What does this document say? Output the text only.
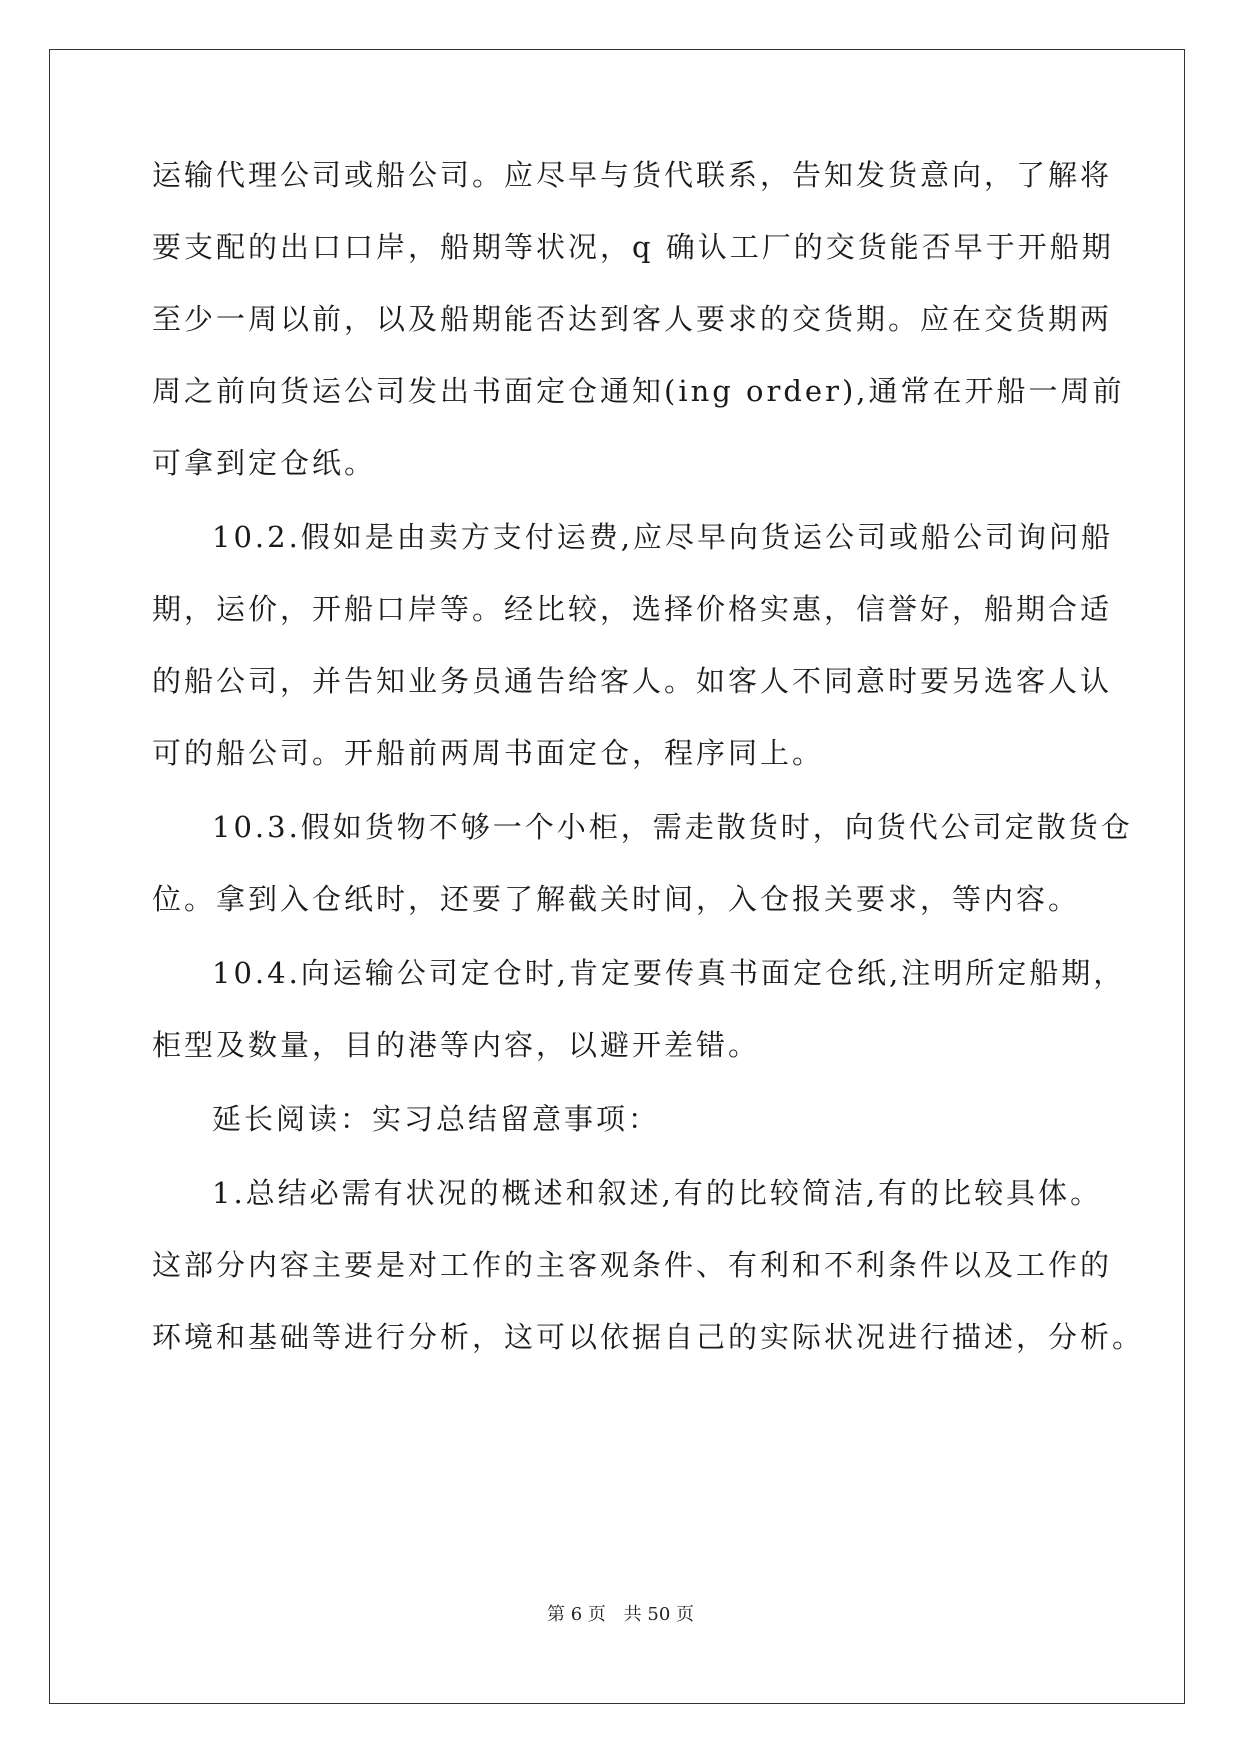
运输代理公司或船公司。应尽早与货代联系，告知发货意向，了解将
要支配的出口口岸，船期等状况，q 确认工厂的交货能否早于开船期
至少一周以前，以及船期能否达到客人要求的交货期。应在交货期两
周之前向货运公司发出书面定仓通知(ing order),通常在开船一周前
可拿到定仓纸。
10.2.假如是由卖方支付运费,应尽早向货运公司或船公司询问船
期，运价，开船口岸等。经比较，选择价格实惠，信誉好，船期合适
的船公司，并告知业务员通告给客人。如客人不同意时要另选客人认
可的船公司。开船前两周书面定仓，程序同上。
10.3.假如货物不够一个小柜，需走散货时，向货代公司定散货仓
位。拿到入仓纸时，还要了解截关时间，入仓报关要求，等内容。
10.4.向运输公司定仓时,肯定要传真书面定仓纸,注明所定船期，
柜型及数量，目的港等内容，以避开差错。
延长阅读：实习总结留意事项：
1.总结必需有状况的概述和叙述,有的比较简洁,有的比较具体。
这部分内容主要是对工作的主客观条件、有利和不利条件以及工作的
环境和基础等进行分析，这可以依据自己的实际状况进行描述，分析。
第 6 页 共 50 页
